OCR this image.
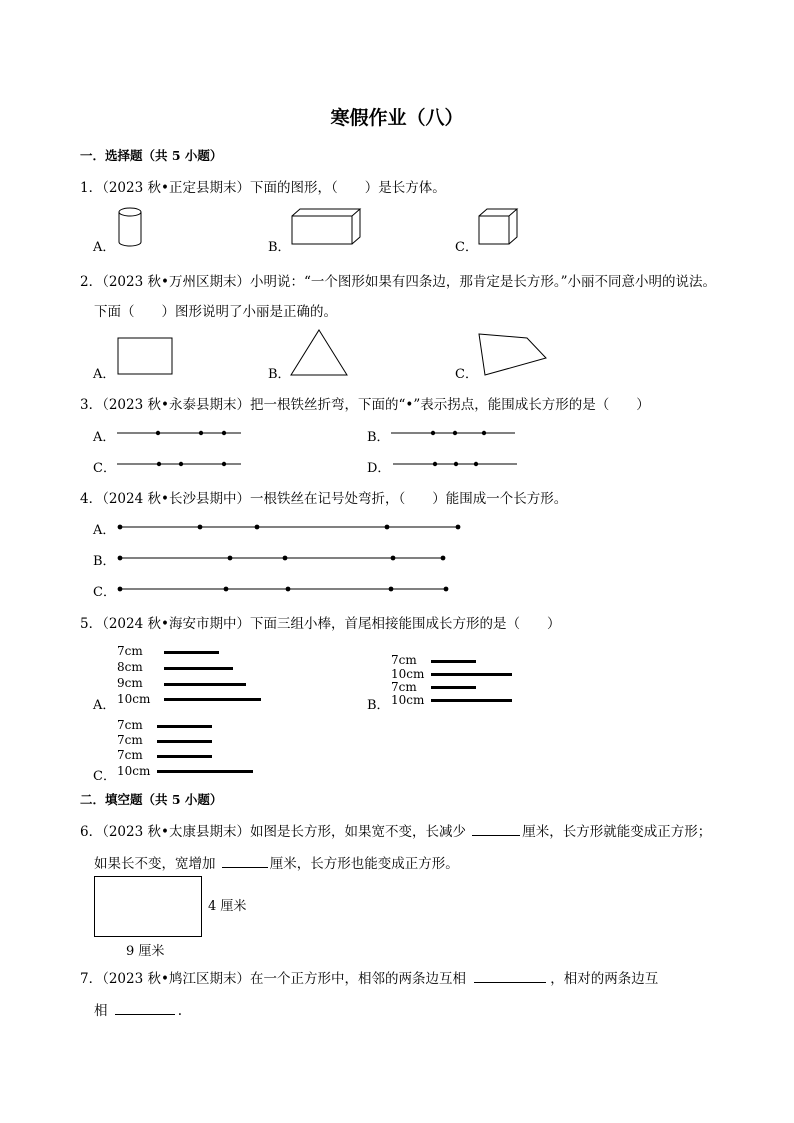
寒假作业（八）
一．选择题（共 5 小题）
1．（2023 秋•正定县期末）下面的图形，（　　）是长方体。
A．	B．	C．
2．（2023 秋•万州区期末）小明说：“一个图形如果有四条边，那肯定是长方形。”小丽不同意小明的说法。
下面（　　）图形说明了小丽是正确的。
A．	B．	C．
3．（2023 秋•永泰县期末）把一根铁丝折弯，下面的“•”表示拐点，能围成长方形的是（　　）
A．	B．
C．	D．
4．（2024 秋•长沙县期中）一根铁丝在记号处弯折，（　　）能围成一个长方形。
A．
B．
C．
5．（2024 秋•海安市期中）下面三组小棒，首尾相接能围成长方形的是（　　）
7cm
8cm
9cm
10cm
A．
7cm
10cm
7cm
10cm
B．
7cm
7cm
7cm
10cm
C．
二．填空题（共 5 小题）
6．（2023 秋•太康县期末）如图是长方形，如果宽不变，长减少	厘米，长方形就能变成正方形；
如果长不变，宽增加	厘米，长方形也能变成正方形。
4 厘米
9 厘米
7．（2023 秋•鸠江区期末）在一个正方形中，相邻的两条边互相	，相对的两条边互
相	.
